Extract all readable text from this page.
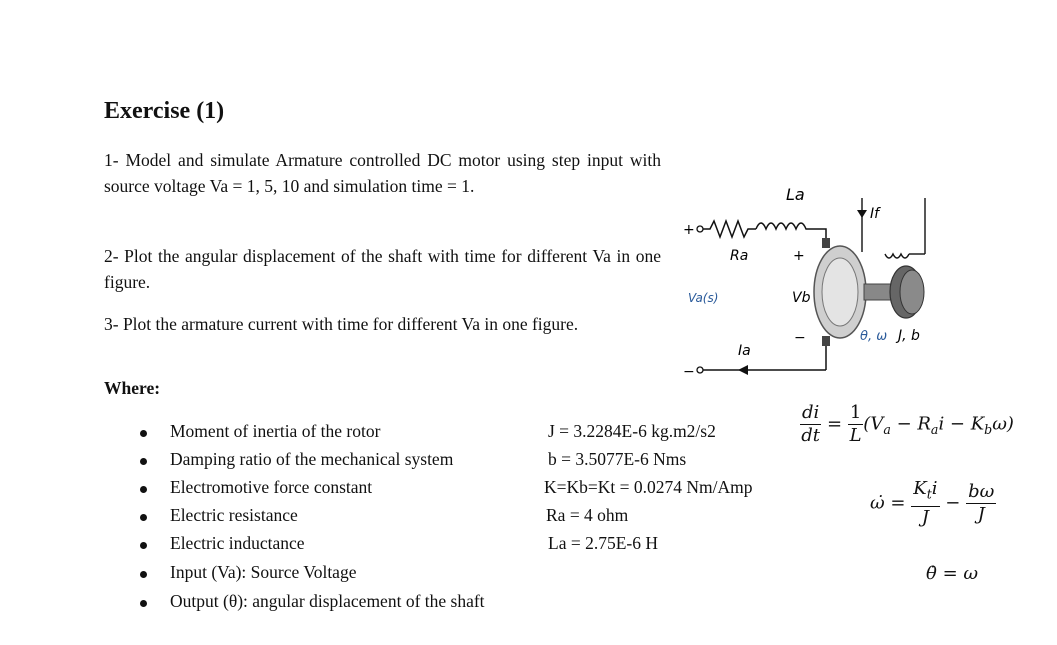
Exercise (1)
1- Model and simulate Armature controlled DC motor using step input with source voltage Va = 1, 5, 10 and simulation time = 1.
2- Plot the angular displacement of the shaft with time for different Va in one figure.
3- Plot the armature current with time for different Va in one figure.
Where:
Moment of inertia of the rotor	J = 3.2284E-6 kg.m2/s2
Damping ratio of the mechanical system	b = 3.5077E-6 Nms
Electromotive force constant	K=Kb=Kt = 0.0274 Nm/Amp
Electric resistance	Ra = 4 ohm
Electric inductance	La = 2.75E-6 H
Input (Va): Source Voltage
Output (θ): angular displacement of the shaft
+
La
Ra	+
Va(s)	Vb
−
Ia
−
If
θ, ω J, b
$\frac{di}{dt} = \frac{1}{L} (V_a - R_ai - K_b\omega)$
ω̇ = $\frac{K_ti}{J} - \frac{b\omega}{J}$
θ̇ = ω
